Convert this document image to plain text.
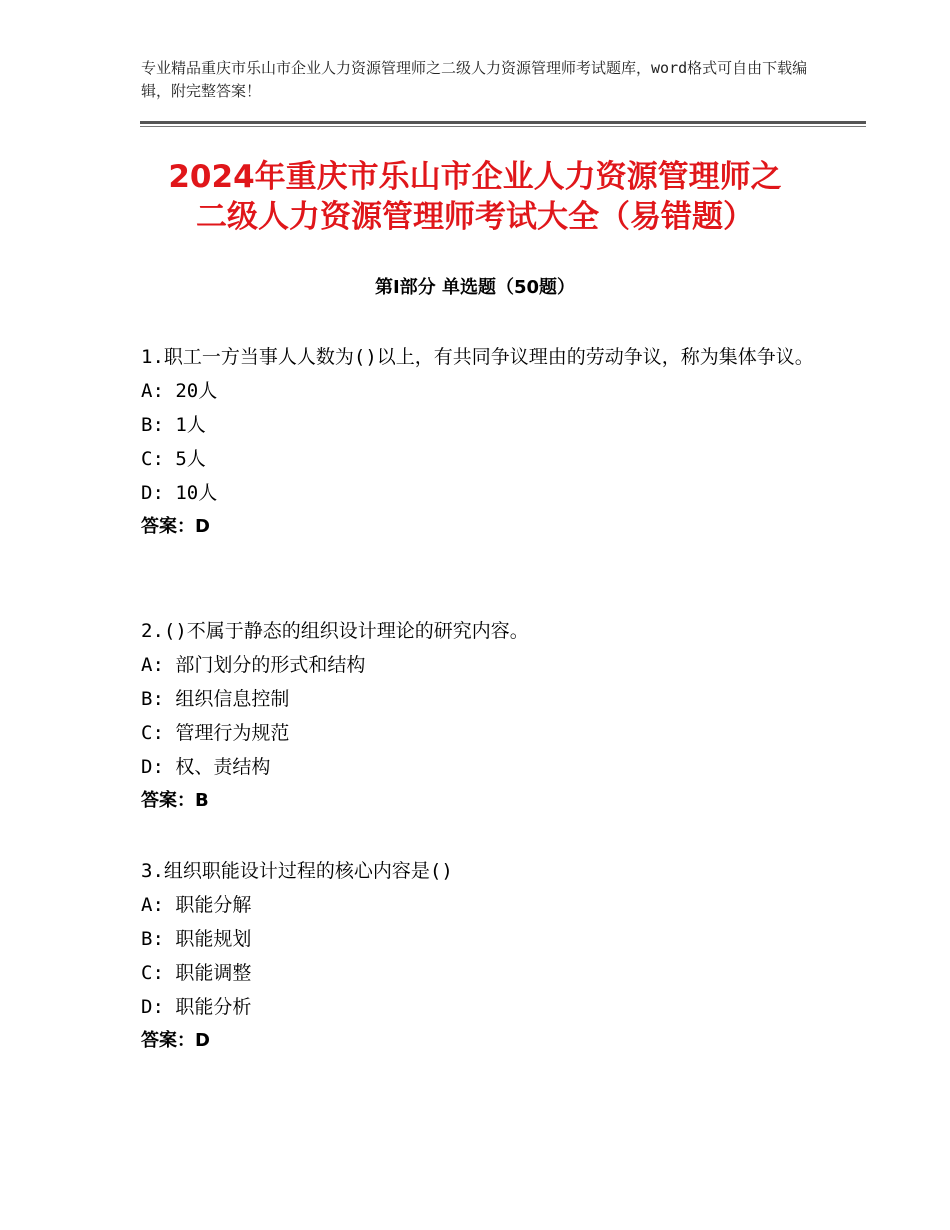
专业精品重庆市乐山市企业人力资源管理师之二级人力资源管理师考试题库，word格式可自由下载编辑，附完整答案！
2024年重庆市乐山市企业人力资源管理师之
二级人力资源管理师考试大全（易错题）
第Ⅰ部分 单选题（50题）

1.职工一方当事人人数为()以上，有共同争议理由的劳动争议，称为集体争议。

A: 20人

B: 1人

C: 5人

D: 10人

答案：D

2.()不属于静态的组织设计理论的研究内容。

A: 部门划分的形式和结构

B: 组织信息控制

C: 管理行为规范

D: 权、责结构

答案：B

3.组织职能设计过程的核心内容是()

A: 职能分解

B: 职能规划

C: 职能调整

D: 职能分析

答案：D
